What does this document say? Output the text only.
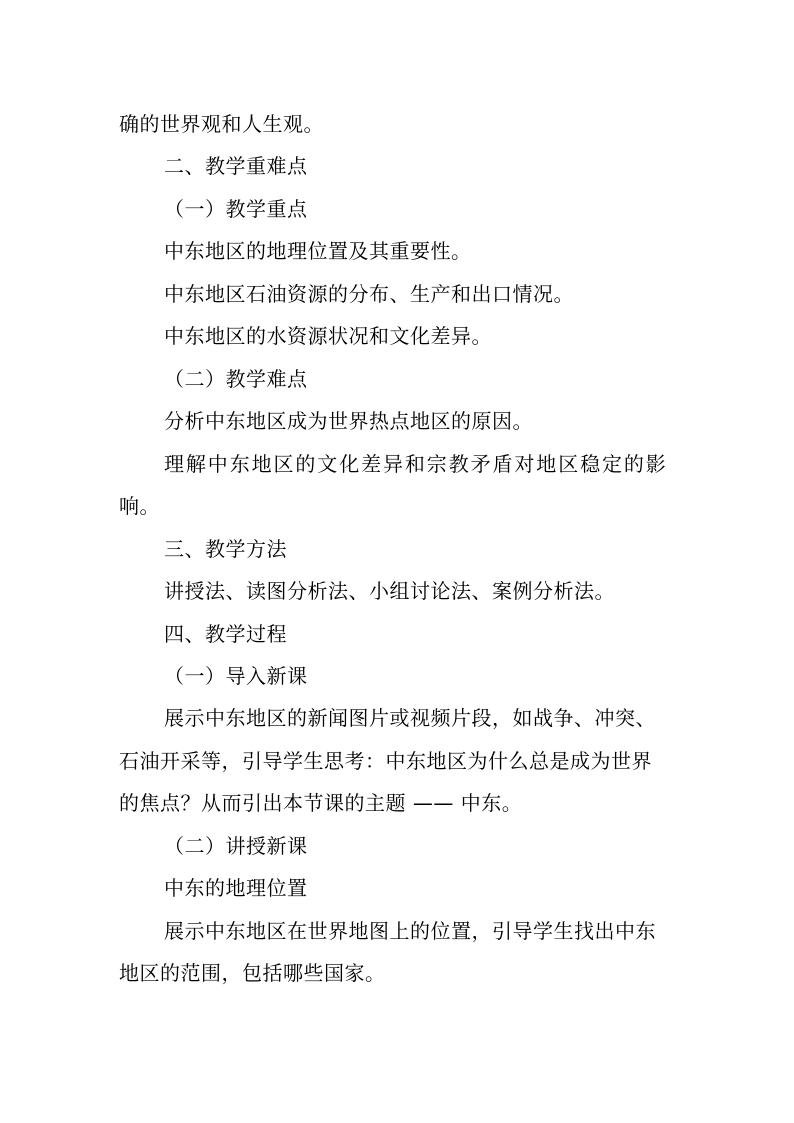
确的世界观和人生观。
二、教学重难点
（一）教学重点
中东地区的地理位置及其重要性。
中东地区石油资源的分布、生产和出口情况。
中东地区的水资源状况和文化差异。
（二）教学难点
分析中东地区成为世界热点地区的原因。
理解中东地区的文化差异和宗教矛盾对地区稳定的影
响。
三、教学方法
讲授法、读图分析法、小组讨论法、案例分析法。
四、教学过程
（一）导入新课
展示中东地区的新闻图片或视频片段，如战争、冲突、
石油开采等，引导学生思考：中东地区为什么总是成为世界
的焦点？从而引出本节课的主题 —— 中东。
（二）讲授新课
中东的地理位置
展示中东地区在世界地图上的位置，引导学生找出中东
地区的范围，包括哪些国家。
